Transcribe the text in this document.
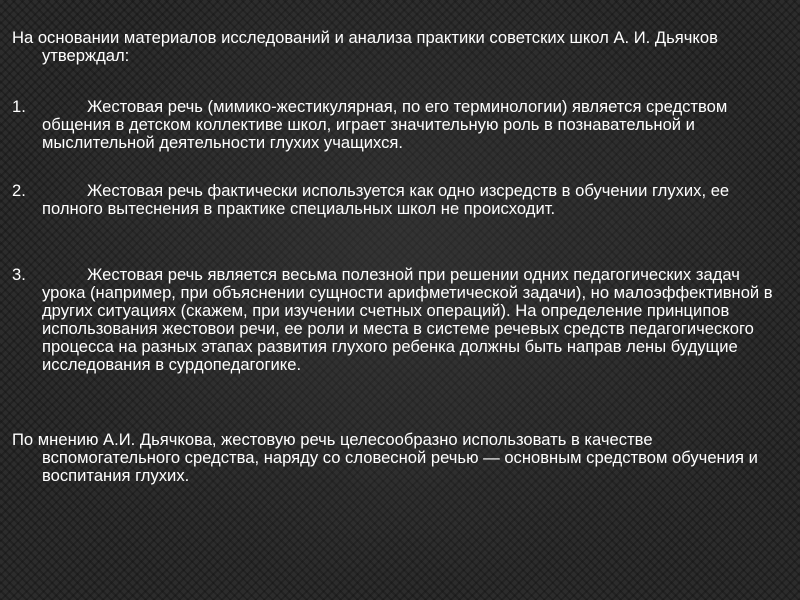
На основании материалов исследований и анализа практики советских школ А. И. Дьячков утверждал:

1.	Жестовая речь (мимико-жестикулярная, по его терминологии) является средством общения в детском коллективе школ, играет значительную роль в познавательной и мыслительной деятельности глухих учащихся.

2.	Жестовая речь фактически используется как одно изсредств в обучении глухих, ее полного вытеснения в практике специальных школ не происходит.

3.	Жестовая речь является весьма полезной при решении одних педагогических задач урока (например, при объяснении сущности арифметической задачи), но малоэффективной в других ситуациях (скажем, при изучении счетных операций). На определение принципов использования жестовои речи, ее роли и места в системе речевых средств педагогического процесса на разных этапах развития глухого ребенка должны быть направ лены будущие исследования в сурдопедагогике.

По мнению А.И. Дьячкова, жестовую речь целесообразно использовать в качестве вспомогательного средства, наряду со словесной речью — основным средством обучения и воспитания глухих.
